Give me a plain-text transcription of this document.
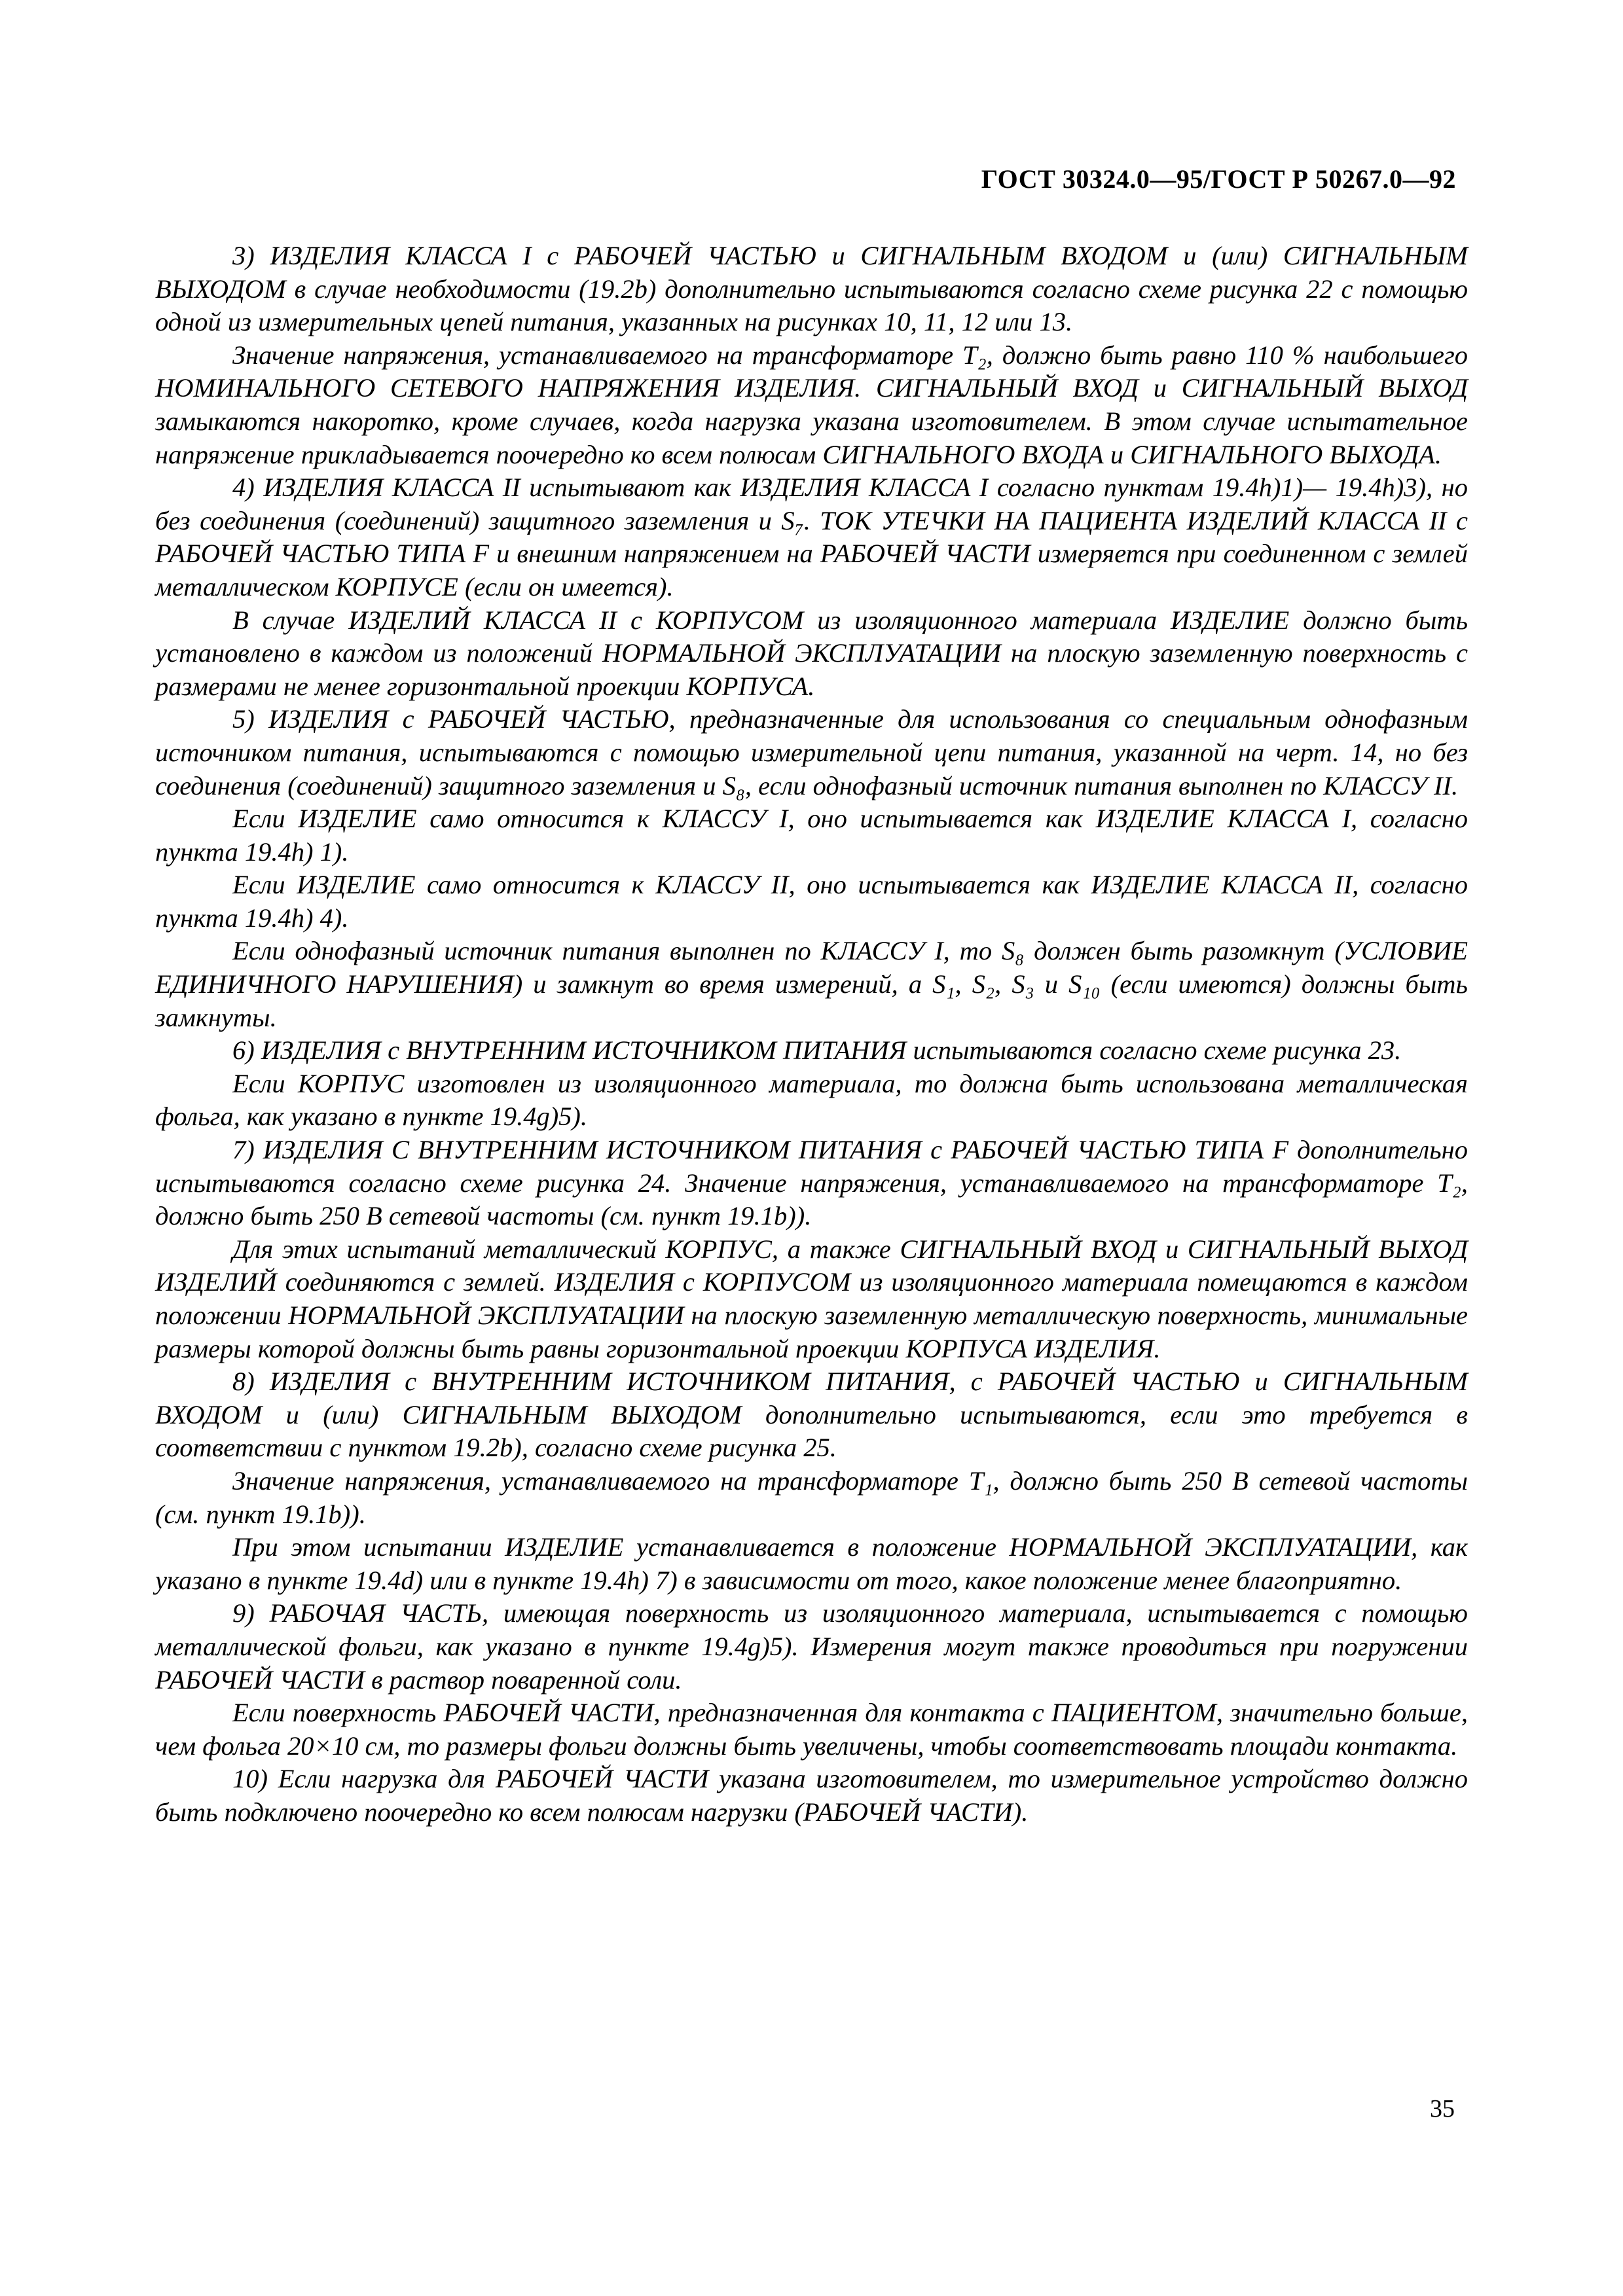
ГОСТ 30324.0—95/ГОСТ Р 50267.0—92

3) ИЗДЕЛИЯ КЛАССА I с РАБОЧЕЙ ЧАСТЬЮ и СИГНАЛЬНЫМ ВХОДОМ и (или) СИГНАЛЬНЫМ ВЫХОДОМ в случае необходимости (19.2b) дополнительно испытываются согласно схеме рисунка 22 с помощью одной из измерительных цепей питания, указанных на рисунках 10, 11, 12 или 13.

Значение напряжения, устанавливаемого на трансформаторе T₂, должно быть равно 110 % наибольшего НОМИНАЛЬНОГО СЕТЕВОГО НАПРЯЖЕНИЯ ИЗДЕЛИЯ. СИГНАЛЬНЫЙ ВХОД и СИГНАЛЬНЫЙ ВЫХОД замыкаются накоротко, кроме случаев, когда нагрузка указана изготовителем. В этом случае испытательное напряжение прикладывается поочередно ко всем полюсам СИГНАЛЬНОГО ВХОДА и СИГНАЛЬНОГО ВЫХОДА.

4) ИЗДЕЛИЯ КЛАССА II испытывают как ИЗДЕЛИЯ КЛАССА I согласно пунктам 19.4h)1)— 19.4h)3), но без соединения (соединений) защитного заземления и S₇. ТОК УТЕЧКИ НА ПАЦИЕНТА ИЗДЕЛИЙ КЛАССА II с РАБОЧЕЙ ЧАСТЬЮ ТИПА F и внешним напряжением на РАБОЧЕЙ ЧАСТИ измеряется при соединенном с землей металлическом КОРПУСЕ (если он имеется).

В случае ИЗДЕЛИЙ КЛАССА II с КОРПУСОМ из изоляционного материала ИЗДЕЛИЕ должно быть установлено в каждом из положений НОРМАЛЬНОЙ ЭКСПЛУАТАЦИИ на плоскую заземленную поверхность с размерами не менее горизонтальной проекции КОРПУСА.

5) ИЗДЕЛИЯ с РАБОЧЕЙ ЧАСТЬЮ, предназначенные для использования со специальным однофазным источником питания, испытываются с помощью измерительной цепи питания, указанной на черт. 14, но без соединения (соединений) защитного заземления и S₈, если однофазный источник питания выполнен по КЛАССУ II.

Если ИЗДЕЛИЕ само относится к КЛАССУ I, оно испытывается как ИЗДЕЛИЕ КЛАССА I, согласно пункта 19.4h) 1).

Если ИЗДЕЛИЕ само относится к КЛАССУ II, оно испытывается как ИЗДЕЛИЕ КЛАССА II, согласно пункта 19.4h) 4).

Если однофазный источник питания выполнен по КЛАССУ I, то S₈ должен быть разомкнут (УСЛОВИЕ ЕДИНИЧНОГО НАРУШЕНИЯ) и замкнут во время измерений, а S₁, S₂, S₃ и S₁₀ (если имеются) должны быть замкнуты.

6) ИЗДЕЛИЯ с ВНУТРЕННИМ ИСТОЧНИКОМ ПИТАНИЯ испытываются согласно схеме рисунка 23.

Если КОРПУС изготовлен из изоляционного материала, то должна быть использована металлическая фольга, как указано в пункте 19.4g)5).

7) ИЗДЕЛИЯ С ВНУТРЕННИМ ИСТОЧНИКОМ ПИТАНИЯ с РАБОЧЕЙ ЧАСТЬЮ ТИПА F дополнительно испытываются согласно схеме рисунка 24. Значение напряжения, устанавливаемого на трансформаторе T₂, должно быть 250 В сетевой частоты (см. пункт 19.1b)).

Для этих испытаний металлический КОРПУС, а также СИГНАЛЬНЫЙ ВХОД и СИГНАЛЬНЫЙ ВЫХОД ИЗДЕЛИЙ соединяются с землей. ИЗДЕЛИЯ с КОРПУСОМ из изоляционного материала помещаются в каждом положении НОРМАЛЬНОЙ ЭКСПЛУАТАЦИИ на плоскую заземленную металлическую поверхность, минимальные размеры которой должны быть равны горизонтальной проекции КОРПУСА ИЗДЕЛИЯ.

8) ИЗДЕЛИЯ с ВНУТРЕННИМ ИСТОЧНИКОМ ПИТАНИЯ, с РАБОЧЕЙ ЧАСТЬЮ и СИГНАЛЬНЫМ ВХОДОМ и (или) СИГНАЛЬНЫМ ВЫХОДОМ дополнительно испытываются, если это требуется в соответствии с пунктом 19.2b), согласно схеме рисунка 25.

Значение напряжения, устанавливаемого на трансформаторе T₁, должно быть 250 В сетевой частоты (см. пункт 19.1b)).

При этом испытании ИЗДЕЛИЕ устанавливается в положение НОРМАЛЬНОЙ ЭКСПЛУАТАЦИИ, как указано в пункте 19.4d) или в пункте 19.4h) 7) в зависимости от того, какое положение менее благоприятно.

9) РАБОЧАЯ ЧАСТЬ, имеющая поверхность из изоляционного материала, испытывается с помощью металлической фольги, как указано в пункте 19.4g)5). Измерения могут также проводиться при погружении РАБОЧЕЙ ЧАСТИ в раствор поваренной соли.

Если поверхность РАБОЧЕЙ ЧАСТИ, предназначенная для контакта с ПАЦИЕНТОМ, значительно больше, чем фольга 20×10 см, то размеры фольги должны быть увеличены, чтобы соответствовать площади контакта.

10) Если нагрузка для РАБОЧЕЙ ЧАСТИ указана изготовителем, то измерительное устройство должно быть подключено поочередно ко всем полюсам нагрузки (РАБОЧЕЙ ЧАСТИ).

35
